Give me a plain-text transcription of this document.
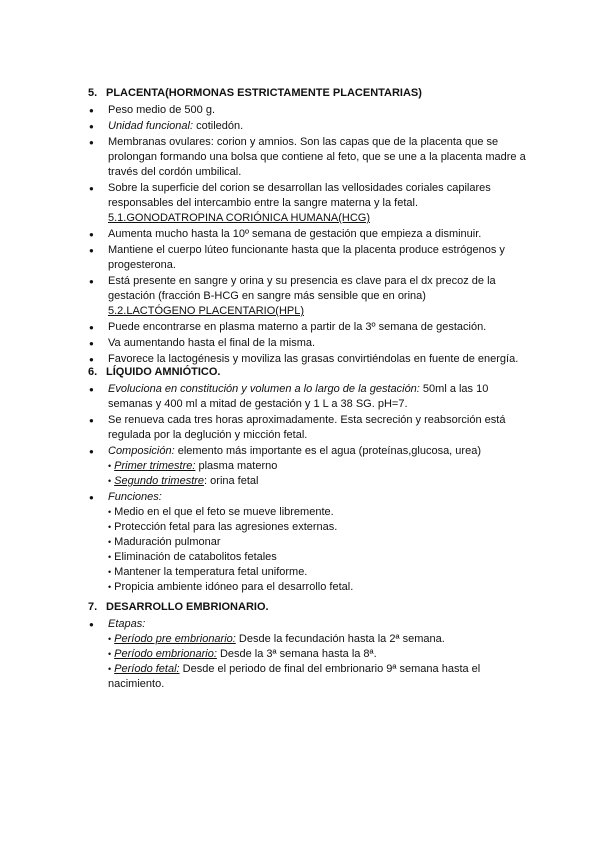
5. PLACENTA(HORMONAS ESTRICTAMENTE PLACENTARIAS)
● Peso medio de 500 g.
● Unidad funcional: cotiledón.
● Membranas ovulares: corion y amnios. Son las capas que de la placenta que se prolongan formando una bolsa que contiene al feto, que se une a la placenta madre a través del cordón umbilical.
● Sobre la superficie del corion se desarrollan las vellosidades coriales capilares responsables del intercambio entre la sangre materna y la fetal.
5.1.GONODATROPINA CORIÓNICA HUMANA(HCG)
● Aumenta mucho hasta la 10º semana de gestación que empieza a disminuir.
● Mantiene el cuerpo lúteo funcionante hasta que la placenta produce estrógenos y progesterona.
● Está presente en sangre y orina y su presencia es clave para el dx precoz de la gestación (fracción B-HCG en sangre más sensible que en orina)
5.2.LACTÓGENO PLACENTARIO(HPL)
● Puede encontrarse en plasma materno a partir de la 3º semana de gestación.
● Va aumentando hasta el final de la misma.
● Favorece la lactogénesis y moviliza las grasas convirtiéndolas en fuente de energía.
6. LÍQUIDO AMNIÓTICO.
● Evoluciona en constitución y volumen a lo largo de la gestación: 50ml a las 10 semanas y 400 ml a mitad de gestación y 1 L a 38 SG. pH=7.
● Se renueva cada tres horas aproximadamente. Esta secreción y reabsorción está regulada por la deglución y micción fetal.
● Composición: elemento más importante es el agua (proteínas,glucosa, urea)
• Primer trimestre: plasma materno
• Segundo trimestre: orina fetal
● Funciones:
• Medio en el que el feto se mueve libremente.
• Protección fetal para las agresiones externas.
• Maduración pulmonar
• Eliminación de catabolitos fetales
• Mantener la temperatura fetal uniforme.
• Propicia ambiente idóneo para el desarrollo fetal.
7. DESARROLLO EMBRIONARIO.
● Etapas:
• Período pre embrionario: Desde la fecundación hasta la 2ª semana.
• Período embrionario: Desde la 3ª semana hasta la 8ª.
• Período fetal: Desde el periodo de final del embrionario 9ª semana hasta el nacimiento.
